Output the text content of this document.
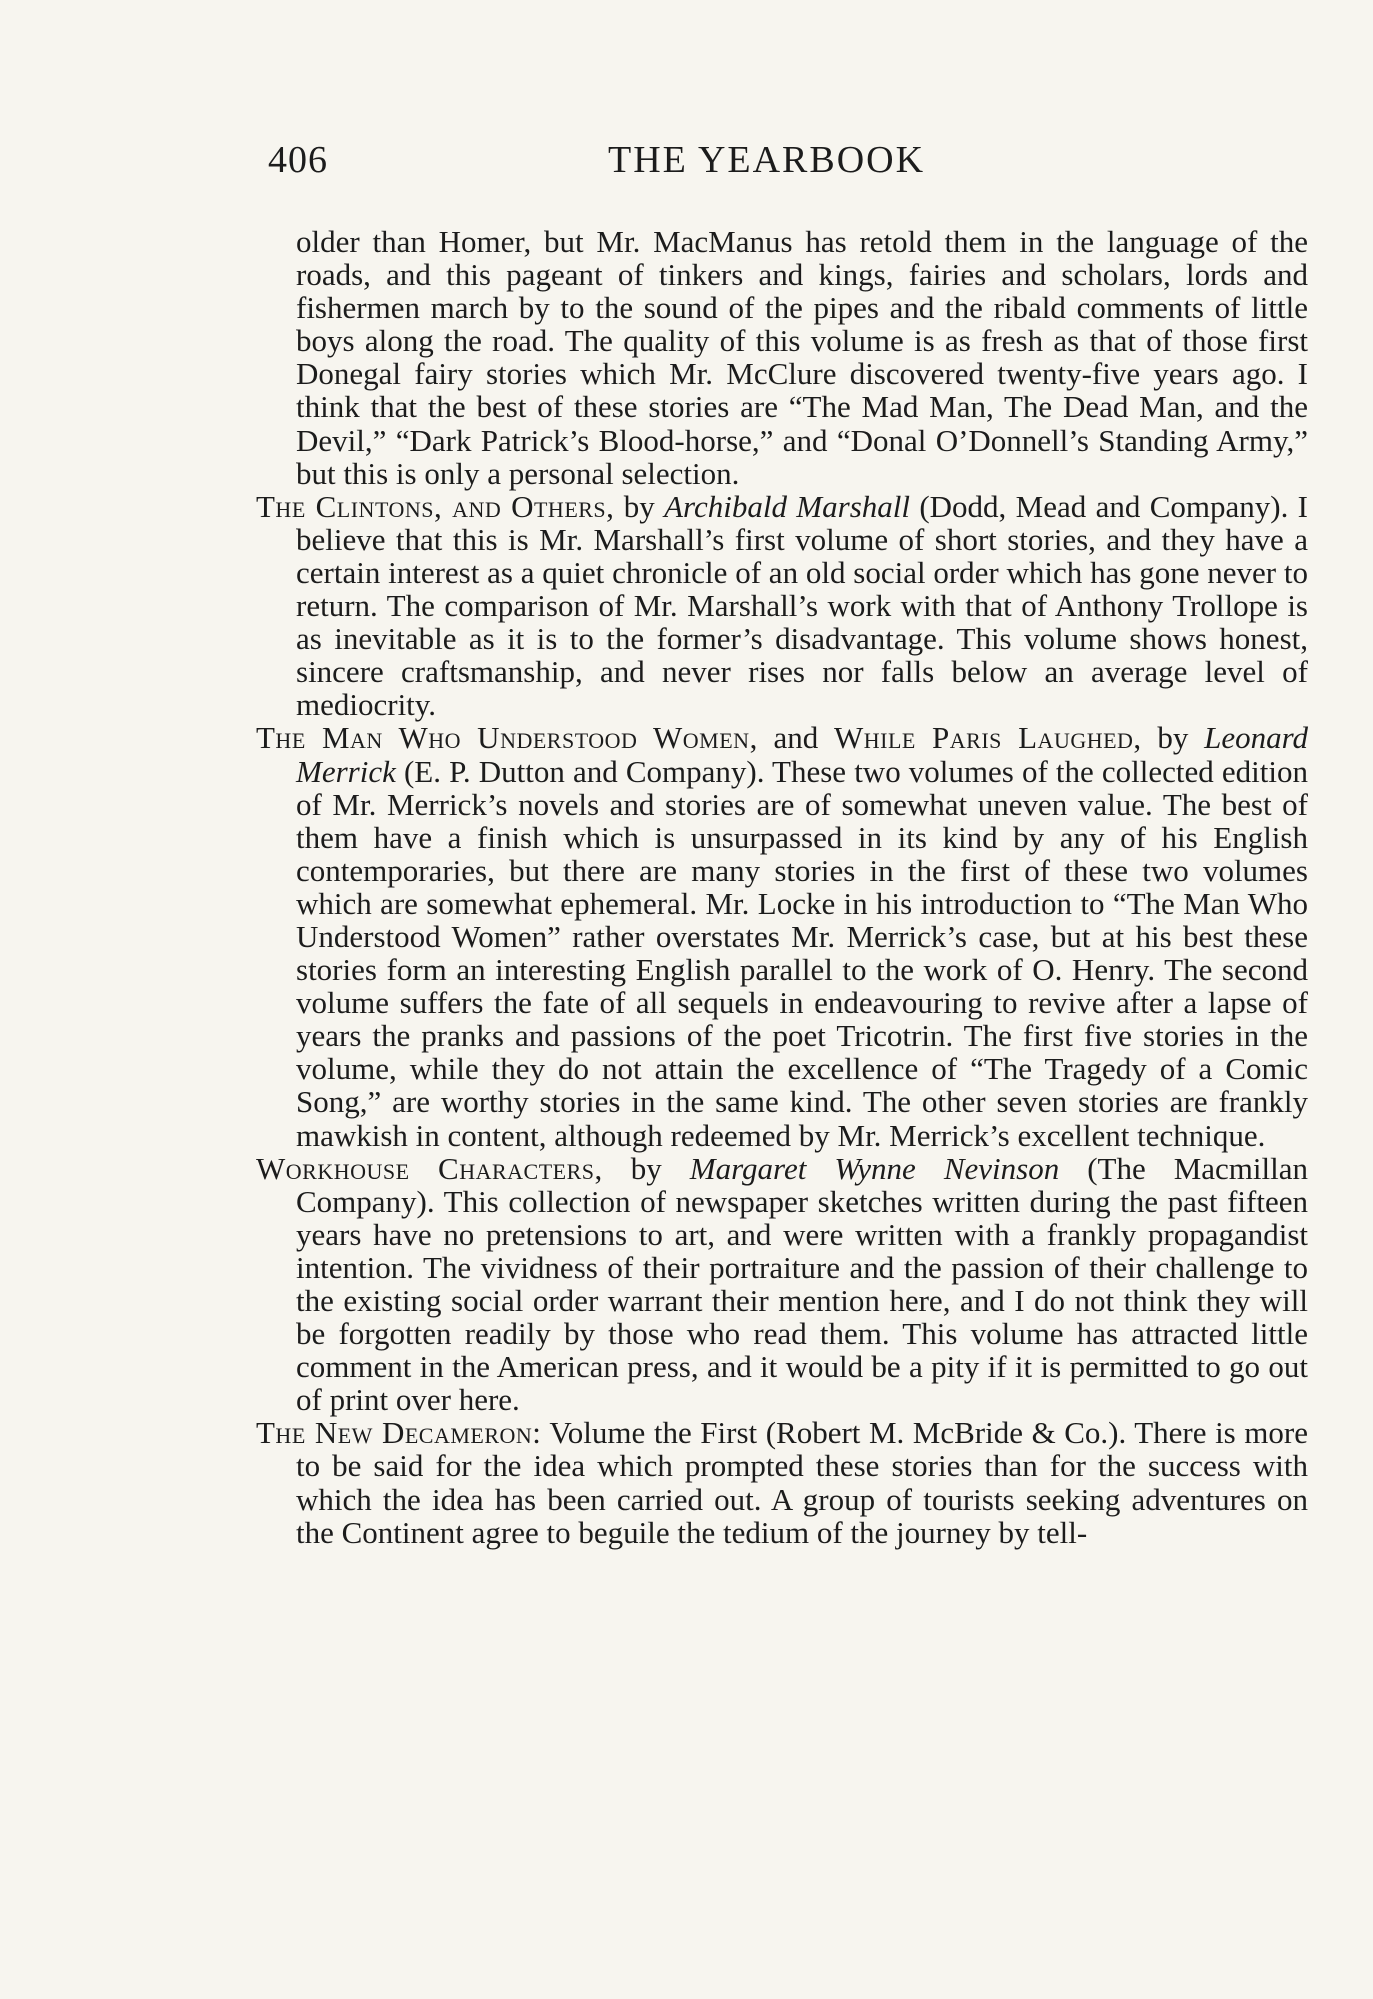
406	THE YEARBOOK

older than Homer, but Mr. MacManus has retold them in the language of the roads, and this pageant of tinkers and kings, fairies and scholars, lords and fishermen march by to the sound of the pipes and the ribald comments of little boys along the road. The quality of this volume is as fresh as that of those first Donegal fairy stories which Mr. McClure discovered twenty-five years ago. I think that the best of these stories are “The Mad Man, The Dead Man, and the Devil,” “Dark Patrick’s Blood-horse,” and “Donal O’Donnell’s Standing Army,” but this is only a personal selection.

The Clintons, and Others, by Archibald Marshall (Dodd, Mead and Company). I believe that this is Mr. Marshall’s first volume of short stories, and they have a certain interest as a quiet chronicle of an old social order which has gone never to return. The comparison of Mr. Marshall’s work with that of Anthony Trollope is as inevitable as it is to the former’s disadvantage. This volume shows honest, sincere craftsmanship, and never rises nor falls below an average level of mediocrity.

The Man Who Understood Women, and While Paris Laughed, by Leonard Merrick (E. P. Dutton and Company). These two volumes of the collected edition of Mr. Merrick’s novels and stories are of somewhat uneven value. The best of them have a finish which is unsurpassed in its kind by any of his English contemporaries, but there are many stories in the first of these two volumes which are somewhat ephemeral. Mr. Locke in his introduction to “The Man Who Understood Women” rather overstates Mr. Merrick’s case, but at his best these stories form an interesting English parallel to the work of O. Henry. The second volume suffers the fate of all sequels in endeavouring to revive after a lapse of years the pranks and passions of the poet Tricotrin. The first five stories in the volume, while they do not attain the excellence of “The Tragedy of a Comic Song,” are worthy stories in the same kind. The other seven stories are frankly mawkish in content, although redeemed by Mr. Merrick’s excellent technique.

Workhouse Characters, by Margaret Wynne Nevinson (The Macmillan Company). This collection of newspaper sketches written during the past fifteen years have no pretensions to art, and were written with a frankly propagandist intention. The vividness of their portraiture and the passion of their challenge to the existing social order warrant their mention here, and I do not think they will be forgotten readily by those who read them. This volume has attracted little comment in the American press, and it would be a pity if it is permitted to go out of print over here.

The New Decameron: Volume the First (Robert M. McBride & Co.). There is more to be said for the idea which prompted these stories than for the success with which the idea has been carried out. A group of tourists seeking adventures on the Continent agree to beguile the tedium of the journey by tell-
